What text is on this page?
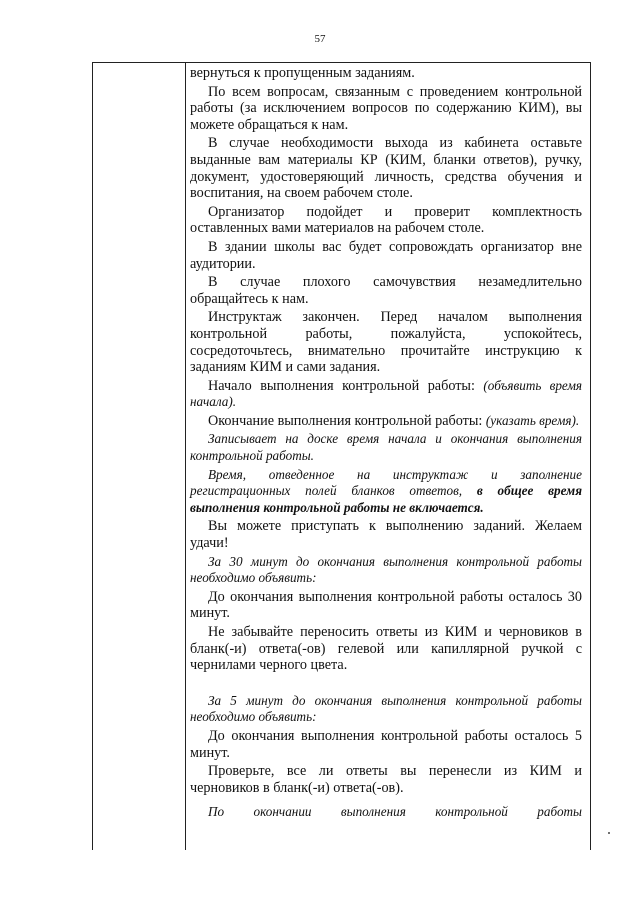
57

вернуться к пропущенным заданиям.

По всем вопросам, связанным с проведением контрольной работы (за исключением вопросов по содержанию КИМ), вы можете обращаться к нам.

В случае необходимости выхода из кабинета оставьте выданные вам материалы КР (КИМ, бланки ответов), ручку, документ, удостоверяющий личность, средства обучения и воспитания, на своем рабочем столе.

Организатор подойдет и проверит комплектность оставленных вами материалов на рабочем столе.

В здании школы вас будет сопровождать организатор вне аудитории.

В случае плохого самочувствия незамедлительно обращайтесь к нам.

Инструктаж закончен. Перед началом выполнения контрольной работы, пожалуйста, успокойтесь, сосредоточьтесь, внимательно прочитайте инструкцию к заданиям КИМ и сами задания.

Начало выполнения контрольной работы: (объявить время начала).

Окончание выполнения контрольной работы: (указать время).

Записывает на доске время начала и окончания выполнения контрольной работы.

Время, отведенное на инструктаж и заполнение регистрационных полей бланков ответов, в общее время выполнения контрольной работы не включается.

Вы можете приступать к выполнению заданий. Желаем удачи!

За 30 минут до окончания выполнения контрольной работы необходимо объявить:

До окончания выполнения контрольной работы осталось 30 минут.

Не забывайте переносить ответы из КИМ и черновиков в бланк(-и) ответа(-ов) гелевой или капиллярной ручкой с чернилами черного цвета.

За 5 минут до окончания выполнения контрольной работы необходимо объявить:

До окончания выполнения контрольной работы осталось 5 минут.

Проверьте, все ли ответы вы перенесли из КИМ и черновиков в бланк(-и) ответа(-ов).

По окончании выполнения контрольной работы
